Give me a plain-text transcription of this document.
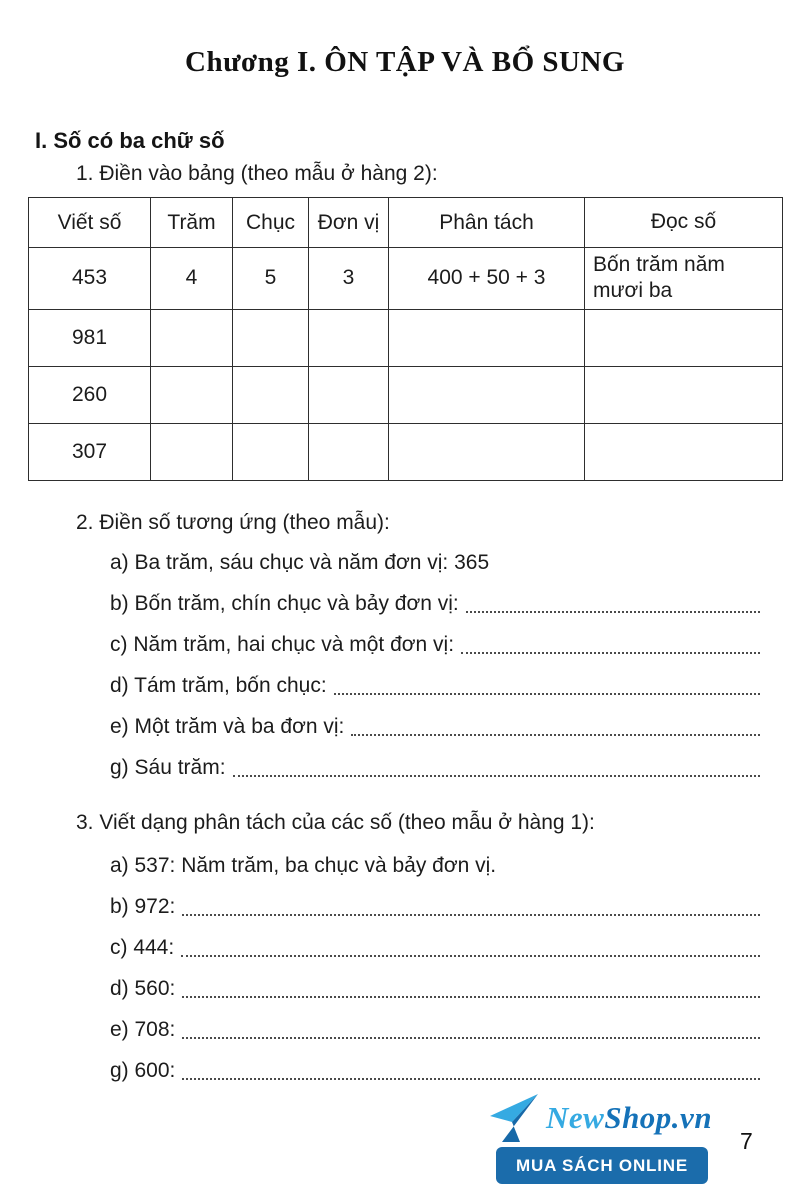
Chương I. ÔN TẬP VÀ BỔ SUNG
I. Số có ba chữ số

1. Điền vào bảng (theo mẫu ở hàng 2):

Viết số	Trăm	Chục	Đơn vị	Phân tách	Đọc số
453	4	5	3	400 + 50 + 3	Bốn trăm năm mươi ba
981					
260					
307					

2. Điền số tương ứng (theo mẫu):

a) Ba trăm, sáu chục và năm đơn vị: 365
b) Bốn trăm, chín chục và bảy đơn vị:
c) Năm trăm, hai chục và một đơn vị:
d) Tám trăm, bốn chục:
e) Một trăm và ba đơn vị:
g) Sáu trăm:

3. Viết dạng phân tách của các số (theo mẫu ở hàng 1):

a) 537: Năm trăm, ba chục và bảy đơn vị.
b) 972:
c) 444:
d) 560:
e) 708:
g) 600:
NewShop.vn
MUA SÁCH ONLINE
7
